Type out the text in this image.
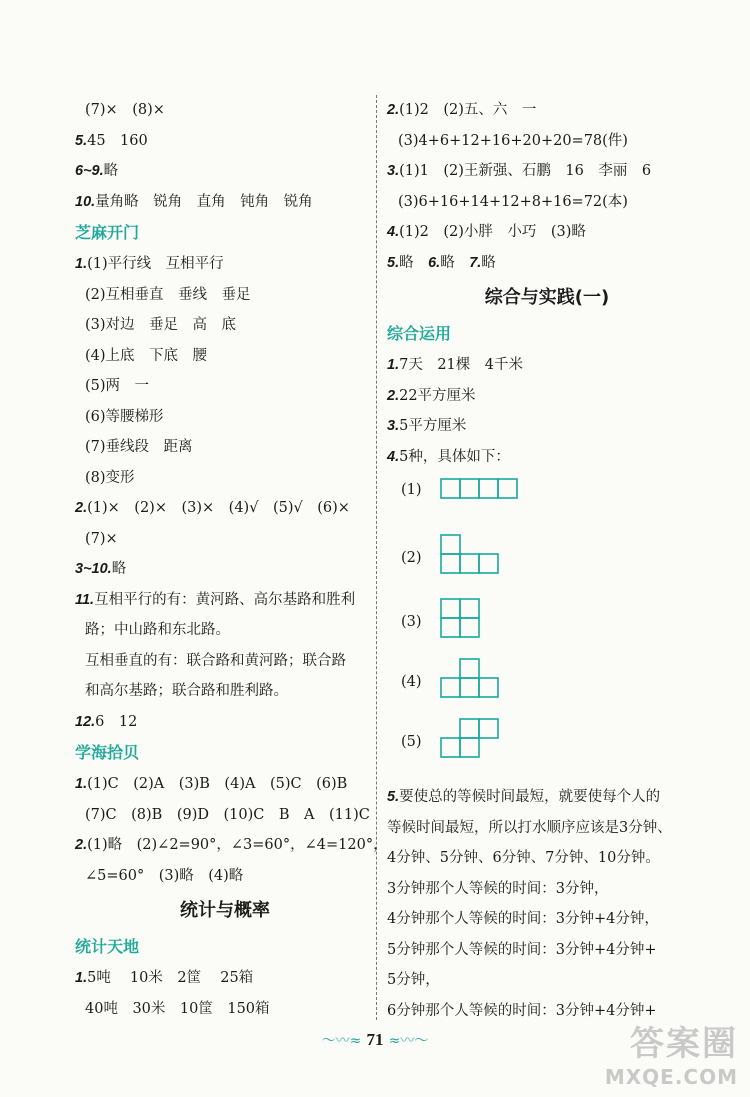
(7)×　(8)×
5.45　160
6~9.略
10.量角略　锐角　直角　钝角　锐角
芝麻开门
1.(1)平行线　互相平行
(2)互相垂直　垂线　垂足
(3)对边　垂足　高　底
(4)上底　下底　腰
(5)两　一
(6)等腰梯形
(7)垂线段　距离
(8)变形
2.(1)×　(2)×　(3)×　(4)√　(5)√　(6)×
(7)×
3~10.略
11.互相平行的有：黄河路、高尔基路和胜利
路；中山路和东北路。
互相垂直的有：联合路和黄河路；联合路
和高尔基路；联合路和胜利路。
12.6　12
学海拾贝
1.(1)C　(2)A　(3)B　(4)A　(5)C　(6)B
(7)C　(8)B　(9)D　(10)C　B　A　(11)C
2.(1)略　(2)∠2=90°，∠3=60°，∠4=120°，
∠5=60°　(3)略　(4)略
统计与概率
统计天地
1.5吨　 10米　2筐　 25箱
40吨　30米　10筐　150箱
2.(1)2　(2)五、六　一
(3)4+6+12+16+20+20=78(件)
3.(1)1　(2)王新强、石鹏　16　李丽　6
(3)6+16+14+12+8+16=72(本)
4.(1)2　(2)小胖　小巧　(3)略
5.略　6.略　7.略
综合与实践(一)
综合运用
1.7天　21棵　4千米
2.22平方厘米
3.5平方厘米
4.5种，具体如下：
(1)
(2)
(3)
(4)
(5)
5.要使总的等候时间最短，就要使每个人的
等候时间最短，所以打水顺序应该是3分钟、
4分钟、5分钟、6分钟、7分钟、10分钟。
3分钟那个人等候的时间：3分钟，
4分钟那个人等候的时间：3分钟+4分钟，
5分钟那个人等候的时间：3分钟+4分钟+
5分钟，
6分钟那个人等候的时间：3分钟+4分钟+
～〰≈ 71 ≈〰～	答案圈
MXQE.COM
